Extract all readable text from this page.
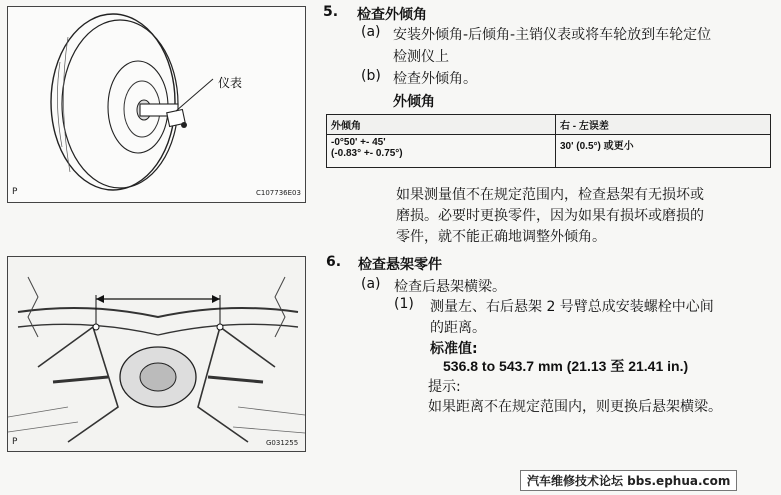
仪表
P	C107736E03
5. 检查外倾角
(a) 安装外倾角-后倾角-主销仪表或将车轮放到车轮定位
检测仪上
(b) 检查外倾角。
外倾角
外倾角	右 - 左误差

-0°50' +- 45'
(-0.83° +- 0.75°)	30' (0.5°) 或更小
如果测量值不在规定范围内，检查悬架有无损坏或
磨损。必要时更换零件，因为如果有损坏或磨损的
零件，就不能正确地调整外倾角。
P	G031255
6. 检查悬架零件
(a) 检查后悬架横梁。
(1) 测量左、右后悬架 2 号臂总成安装螺栓中心间
的距离。
标准值:
536.8 to 543.7 mm (21.13 至 21.41 in.)
提示:
如果距离不在规定范围内，则更换后悬架横梁。
汽车维修技术论坛 bbs.ephua.com
